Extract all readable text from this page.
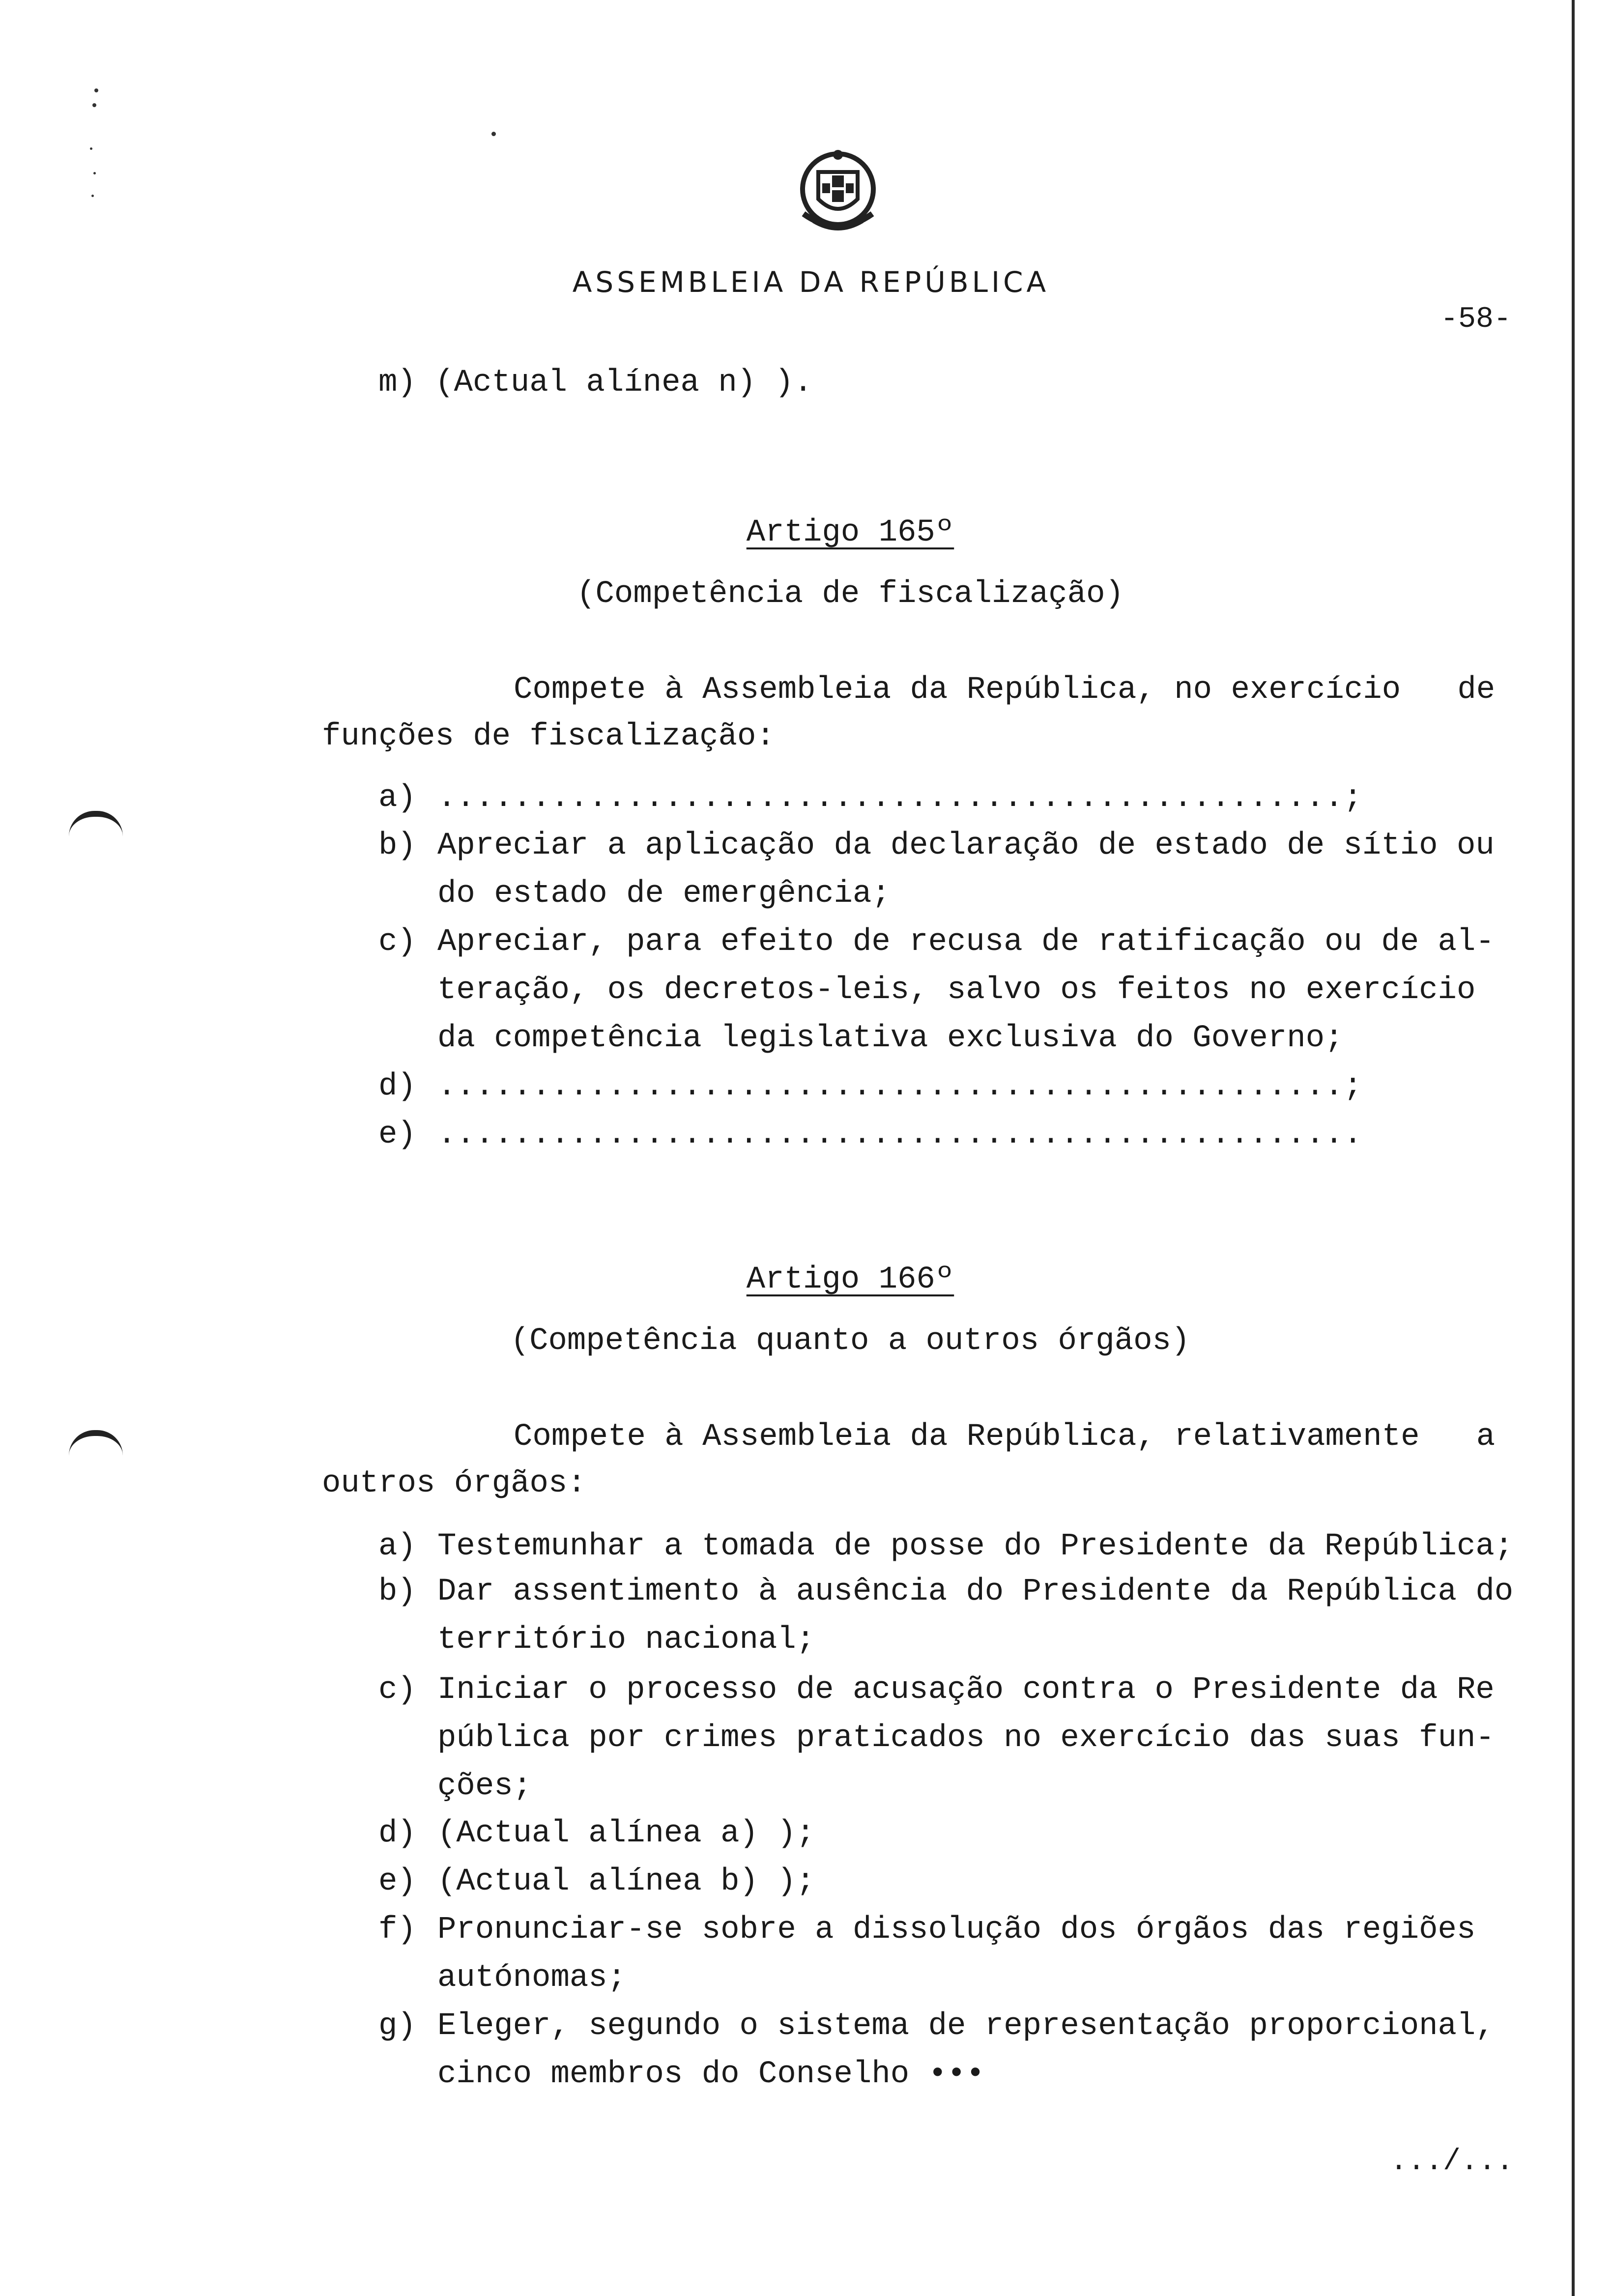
ASSEMBLEIA DA REPÚBLICA
-58-
m) (Actual alínea n) ).
Artigo 165º
(Competência de fiscalização)
Compete à Assembleia da República, no exercício   de
funções de fiscalização:
a) ................................................;
b) Apreciar a aplicação da declaração de estado de sítio ou
do estado de emergência;
c) Apreciar, para efeito de recusa de ratificação ou de al-
teração, os decretos-leis, salvo os feitos no exercício
da competência legislativa exclusiva do Governo;
d) ................................................;
e) .................................................
Artigo 166º
(Competência quanto a outros órgãos)
Compete à Assembleia da República, relativamente   a
outros órgãos:
a) Testemunhar a tomada de posse do Presidente da República;
b) Dar assentimento à ausência do Presidente da República do
território nacional;
c) Iniciar o processo de acusação contra o Presidente da Re
pública por crimes praticados no exercício das suas fun-
ções;
d) (Actual alínea a) );
e) (Actual alínea b) );
f) Pronunciar-se sobre a dissolução dos órgãos das regiões
autónomas;
g) Eleger, segundo o sistema de representação proporcional,
cinco membros do Conselho •••
.../...
